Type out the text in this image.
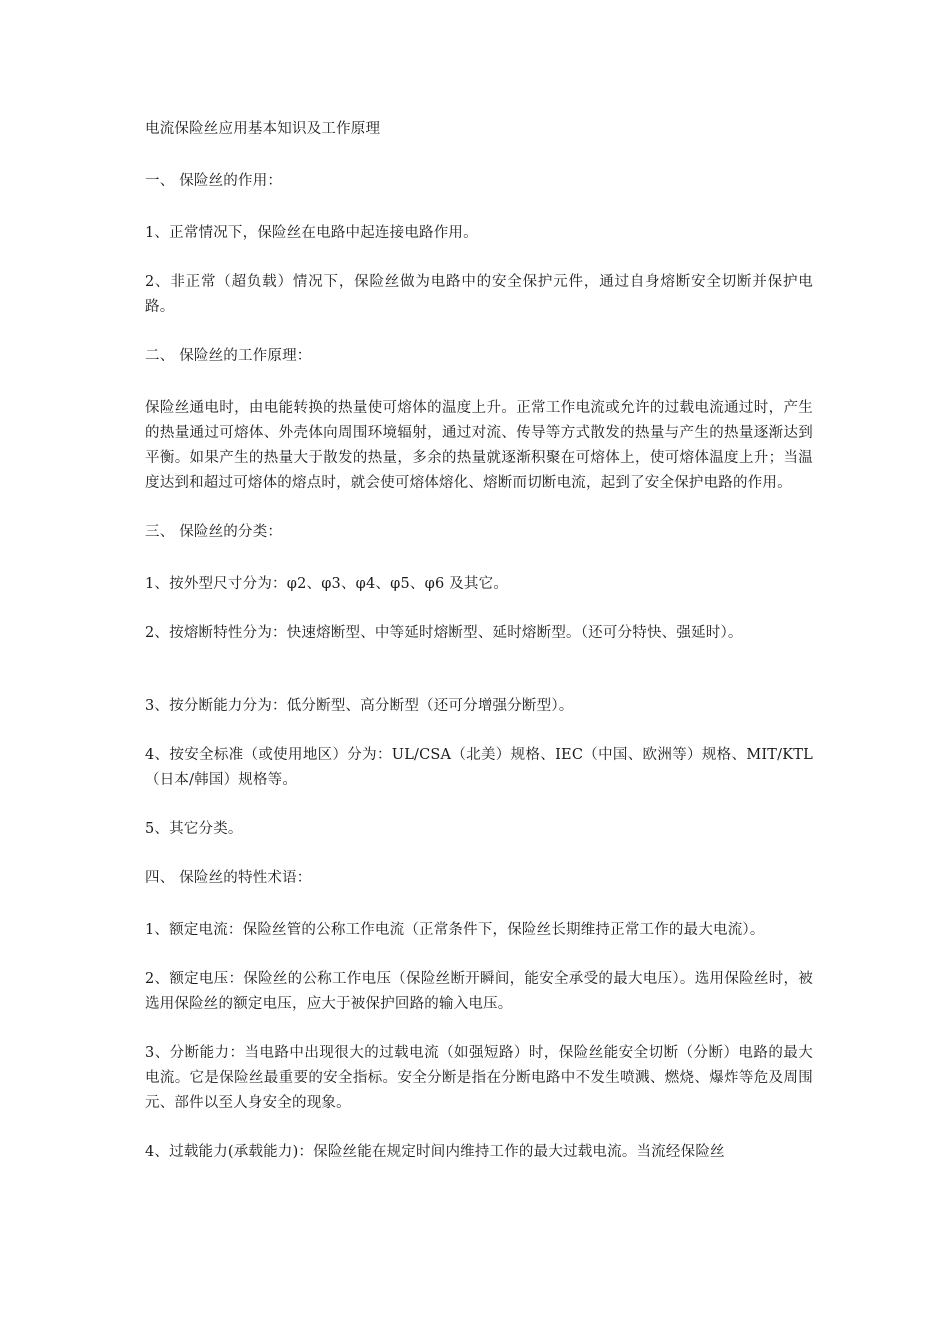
电流保险丝应用基本知识及工作原理

一、 保险丝的作用：

1、正常情况下，保险丝在电路中起连接电路作用。

2、非正常（超负载）情况下，保险丝做为电路中的安全保护元件，通过自身熔断安全切断并保护电路。

二、 保险丝的工作原理：

保险丝通电时，由电能转换的热量使可熔体的温度上升。正常工作电流或允许的过载电流通过时，产生的热量通过可熔体、外壳体向周围环境辐射，通过对流、传导等方式散发的热量与产生的热量逐渐达到平衡。如果产生的热量大于散发的热量，多余的热量就逐渐积聚在可熔体上，使可熔体温度上升；当温度达到和超过可熔体的熔点时，就会使可熔体熔化、熔断而切断电流，起到了安全保护电路的作用。

三、 保险丝的分类：

1、按外型尺寸分为：φ2、φ3、φ4、φ5、φ6 及其它。

2、按熔断特性分为：快速熔断型、中等延时熔断型、延时熔断型。（还可分特快、强延时）。

3、按分断能力分为：低分断型、高分断型（还可分增强分断型）。

4、按安全标准（或使用地区）分为：UL/CSA（北美）规格、IEC（中国、欧洲等）规格、MIT/KTL（日本/韩国）规格等。

5、其它分类。

四、 保险丝的特性术语：

1、额定电流：保险丝管的公称工作电流（正常条件下，保险丝长期维持正常工作的最大电流）。

2、额定电压：保险丝的公称工作电压（保险丝断开瞬间，能安全承受的最大电压）。选用保险丝时，被选用保险丝的额定电压，应大于被保护回路的输入电压。

3、分断能力：当电路中出现很大的过载电流（如强短路）时，保险丝能安全切断（分断）电路的最大电流。它是保险丝最重要的安全指标。安全分断是指在分断电路中不发生喷溅、燃烧、爆炸等危及周围元、部件以至人身安全的现象。

4、过载能力(承载能力)：保险丝能在规定时间内维持工作的最大过载电流。当流经保险丝
